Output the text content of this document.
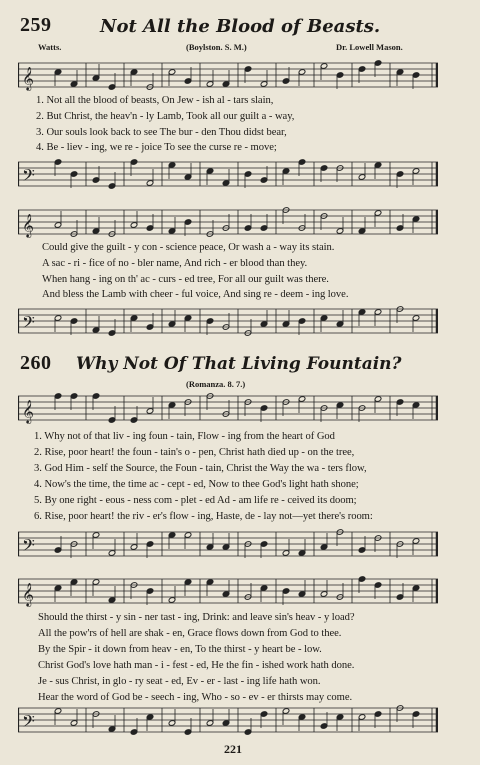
259	Not All the Blood of Beasts.
Watts.	(Boylston. S. M.)	Dr. Lowell Mason.
𝄞
1. Not all the blood of beasts, On Jew - ish al - tars slain,
2. But Christ, the heav'n - ly Lamb, Took all our guilt a - way,
3. Our souls look back to see The bur - den Thou didst bear,
4. Be - liev - ing, we re - joice To see the curse re - move;
𝄢
𝄞
Could give the guilt - y con - science peace, Or wash a - way its stain.
A sac - ri - fice of no - bler name, And rich - er blood than they.
When hang - ing on th' ac - curs - ed tree, For all our guilt was there.
And bless the Lamb with cheer - ful voice, And sing re - deem - ing love.
𝄢
260 Why Not Of That Living Fountain?
(Romanza. 8. 7.)
𝄞
1. Why not of that liv - ing foun - tain, Flow - ing from the heart of God
2. Rise, poor heart! the foun - tain's o - pen, Christ hath died up - on the tree,
3. God Him - self the Source, the Foun - tain, Christ the Way the wa - ters flow,
4. Now's the time, the time ac - cept - ed, Now to thee God's light hath shone;
5. By one right - eous - ness com - plet - ed Ad - am life re - ceived its doom;
6. Rise, poor heart! the riv - er's flow - ing, Haste, de - lay not—yet there's room:
𝄢
𝄞
Should the thirst - y sin - ner tast - ing, Drink: and leave sin's heav - y load?
All the pow'rs of hell are shak - en, Grace flows down from God to thee.
By the Spir - it down from heav - en, To the thirst - y heart be - low.
Christ God's love hath man - i - fest - ed, He the fin - ished work hath done.
Je - sus Christ, in glo - ry seat - ed, Ev - er - last - ing life hath won.
Hear the word of God be - seech - ing, Who - so - ev - er thirsts may come.
𝄢
221
